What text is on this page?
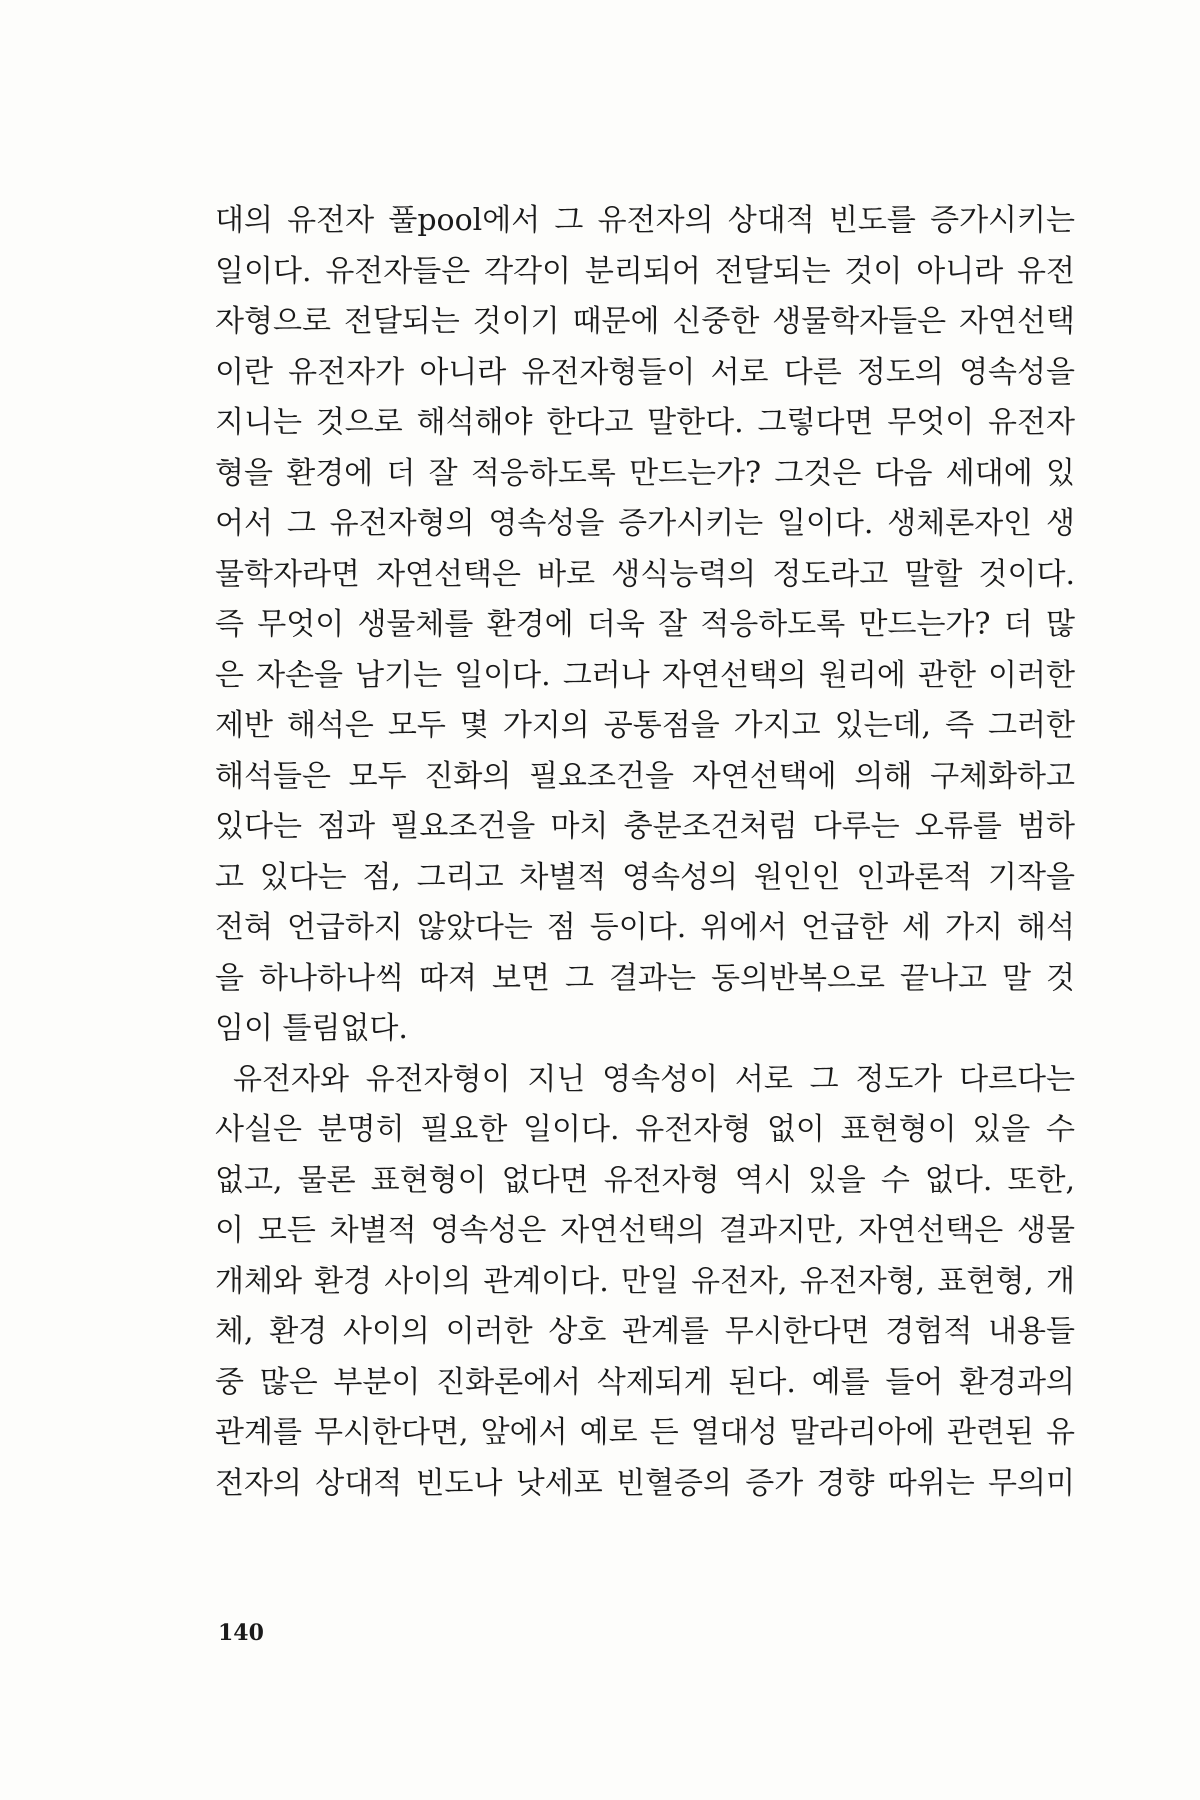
대의 유전자 풀pool에서 그 유전자의 상대적 빈도를 증가시키는
일이다. 유전자들은 각각이 분리되어 전달되는 것이 아니라 유전
자형으로 전달되는 것이기 때문에 신중한 생물학자들은 자연선택
이란 유전자가 아니라 유전자형들이 서로 다른 정도의 영속성을
지니는 것으로 해석해야 한다고 말한다. 그렇다면 무엇이 유전자
형을 환경에 더 잘 적응하도록 만드는가? 그것은 다음 세대에 있
어서 그 유전자형의 영속성을 증가시키는 일이다. 생체론자인 생
물학자라면 자연선택은 바로 생식능력의 정도라고 말할 것이다.
즉 무엇이 생물체를 환경에 더욱 잘 적응하도록 만드는가? 더 많
은 자손을 남기는 일이다. 그러나 자연선택의 원리에 관한 이러한
제반 해석은 모두 몇 가지의 공통점을 가지고 있는데, 즉 그러한
해석들은 모두 진화의 필요조건을 자연선택에 의해 구체화하고
있다는 점과 필요조건을 마치 충분조건처럼 다루는 오류를 범하
고 있다는 점, 그리고 차별적 영속성의 원인인 인과론적 기작을
전혀 언급하지 않았다는 점 등이다. 위에서 언급한 세 가지 해석
을 하나하나씩 따져 보면 그 결과는 동의반복으로 끝나고 말 것
임이 틀림없다.
유전자와 유전자형이 지닌 영속성이 서로 그 정도가 다르다는
사실은 분명히 필요한 일이다. 유전자형 없이 표현형이 있을 수
없고, 물론 표현형이 없다면 유전자형 역시 있을 수 없다. 또한,
이 모든 차별적 영속성은 자연선택의 결과지만, 자연선택은 생물
개체와 환경 사이의 관계이다. 만일 유전자, 유전자형, 표현형, 개
체, 환경 사이의 이러한 상호 관계를 무시한다면 경험적 내용들
중 많은 부분이 진화론에서 삭제되게 된다. 예를 들어 환경과의
관계를 무시한다면, 앞에서 예로 든 열대성 말라리아에 관련된 유
전자의 상대적 빈도나 낫세포 빈혈증의 증가 경향 따위는 무의미
140
